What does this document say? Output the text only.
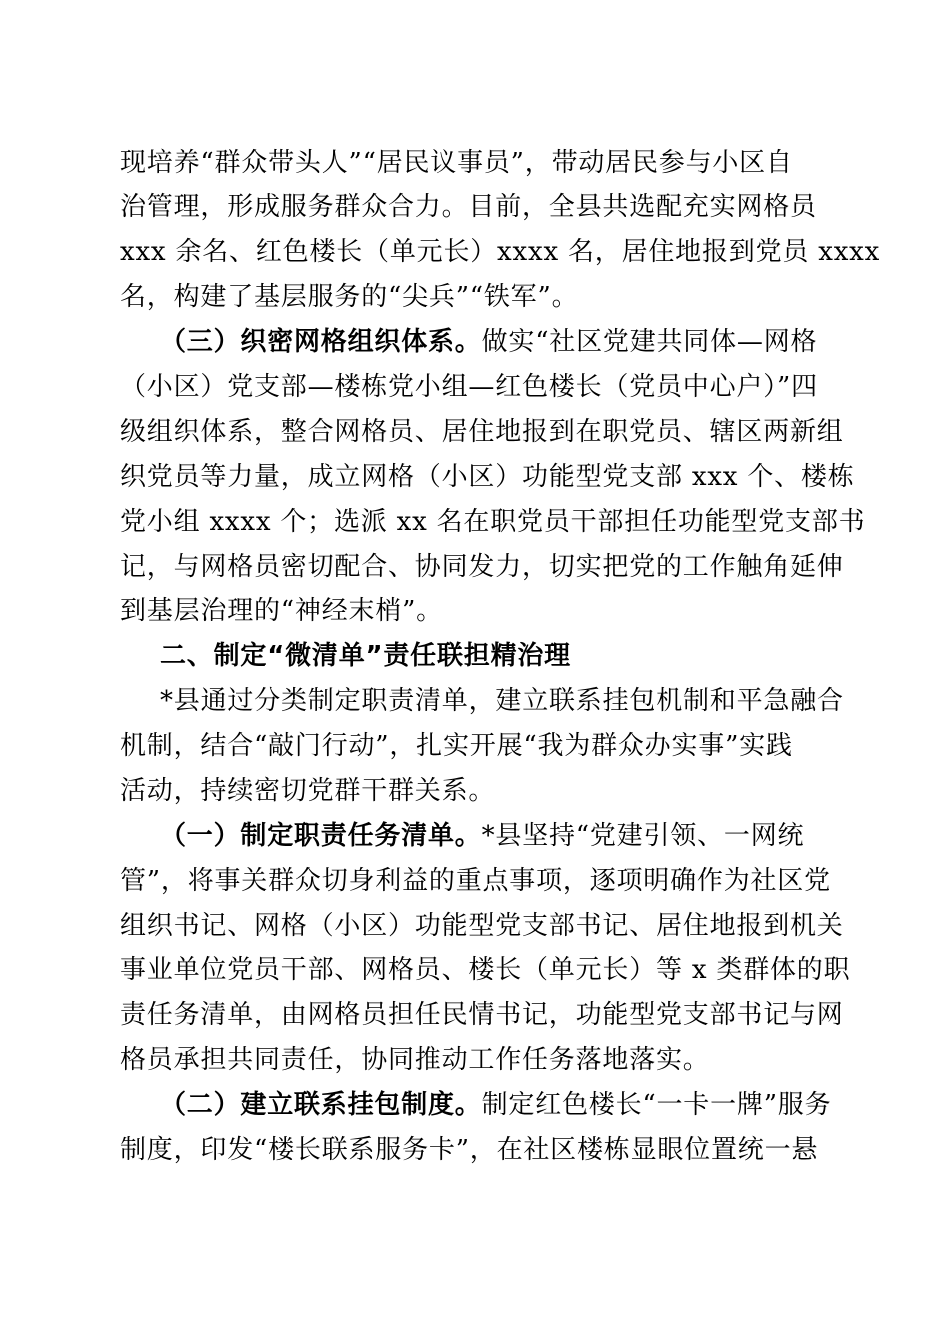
现培养“群众带头人”“居民议事员”，带动居民参与小区自
治管理，形成服务群众合力。目前，全县共选配充实网格员
xxx 余名、红色楼长（单元长）xxxx 名，居住地报到党员 xxxx
名，构建了基层服务的“尖兵”“铁军”。
（三）织密网格组织体系。做实“社区党建共同体—网格
（小区）党支部—楼栋党小组—红色楼长（党员中心户）”四
级组织体系，整合网格员、居住地报到在职党员、辖区两新组
织党员等力量，成立网格（小区）功能型党支部 xxx 个、楼栋
党小组 xxxx 个；选派 xx 名在职党员干部担任功能型党支部书
记，与网格员密切配合、协同发力，切实把党的工作触角延伸
到基层治理的“神经末梢”。
二、制定“微清单”责任联担精治理
*县通过分类制定职责清单，建立联系挂包机制和平急融合
机制，结合“敲门行动”，扎实开展“我为群众办实事”实践
活动，持续密切党群干群关系。
（一）制定职责任务清单。*县坚持“党建引领、一网统
管”，将事关群众切身利益的重点事项，逐项明确作为社区党
组织书记、网格（小区）功能型党支部书记、居住地报到机关
事业单位党员干部、网格员、楼长（单元长）等 x 类群体的职
责任务清单，由网格员担任民情书记，功能型党支部书记与网
格员承担共同责任，协同推动工作任务落地落实。
（二）建立联系挂包制度。制定红色楼长“一卡一牌”服务
制度，印发“楼长联系服务卡”，在社区楼栋显眼位置统一悬
